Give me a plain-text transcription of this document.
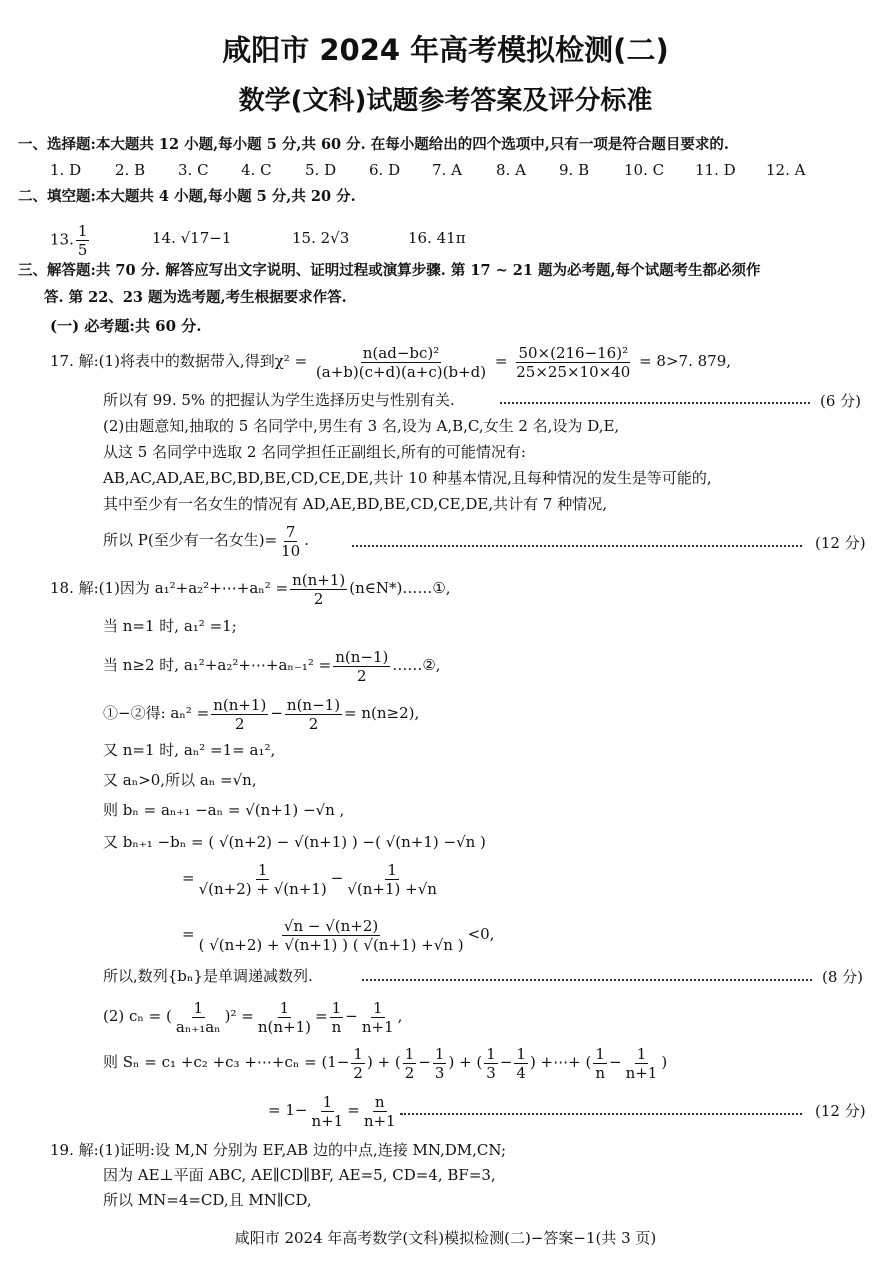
咸阳市 2024 年高考模拟检测(二)
数学(文科)试题参考答案及评分标准
一、选择题:本大题共 12 小题,每小题 5 分,共 60 分. 在每小题给出的四个选项中,只有一项是符合题目要求的.
1. D 2. B 3. C 4. C 5. D 6. D 7. A 8. A 9. B 10. C 11. D 12. A
二、填空题:本大题共 4 小题,每小题 5 分,共 20 分.
13. $\frac{1}{5}$	14. √17−1	15. 2√3	16. 41π
三、解答题:共 70 分. 解答应写出文字说明、证明过程或演算步骤. 第 17 ~ 21 题为必考题,每个试题考生都必须作
答. 第 22、23 题为选考题,考生根据要求作答.
(一) 必考题:共 60 分.
17. 解:(1)将表中的数据带入,得到$\chi^2 = \frac{\text{n(ad−bc)²}}{(a+b)(c+d)(a+c)(b+d)} = \frac{\text{50×(216−16)²}}{25\times 25\times 10\times 40} = 8>7$. 879,
所以有 99. 5% 的把握认为学生选择历史与性别有关.	(6 分)
(2)由题意知,抽取的 5 名同学中,男生有 3 名,设为 A,B,C,女生 2 名,设为 D,E,
从这 5 名同学中选取 2 名同学担任正副组长,所有的可能情况有:
AB,AC,AD,AE,BC,BD,BE,CD,CE,DE,共计 10 种基本情况,且每种情况的发生是等可能的,
其中至少有一名女生的情况有 AD,AE,BD,BE,CD,CE,DE,共计有 7 种情况,
所以 P(至少有一名女生)= $\frac{7}{10}$ .	(12 分)
18. 解:(1)因为 a₁²+a₂²+⋯+aₙ² = $\frac{n(n+1)}{2}$ (n∈N*)……①,
当 n=1 时, a₁² =1;
当 n≥2 时, a₁²+a₂²+⋯+aₙ₋₁² = $\frac{n(n-1)}{2}$ ……②,
①−②得: $a_n^2 = \frac{n(n+1)}{2} - \frac{n(n-1)}{2} = n(n\ge 2)$,
又 n=1 时, aₙ² =1= a₁²,
又 aₙ>0,所以 aₙ =√n,
则 bₙ = aₙ₊₁ −aₙ = √(n+1) −√n ,
又 bₙ₊₁ −bₙ = ( √(n+2) − √(n+1) ) −( √(n+1) −√n )
= $\frac{1}{√(n+2) + √(n+1)} - \frac{1}{√(n+1) +√n}$
= $\frac{√n - √(n+2)}{( √(n+2) + √(n+1) ) ( √(n+1) +√n )} <0$,
所以,数列{bₙ}是单调递减数列.	(8 分)
(2) cₙ = ( $\frac{1}{\text{aₙ₊₁aₙ}} )^2 = \frac{1}{n(n+1)} = \frac{1}{n} - \frac{1}{n+1}$ ,
则 Sₙ = c₁ +c₂ +c₃ +⋯+cₙ = ($1- \frac{1}{2}$ ) + ( $\frac{1}{2} - \frac{1}{3}$ ) + ( $\frac{1}{3} - \frac{1}{4}$ ) +⋯+ ( $\frac{1}{n} - \frac{1}{n+1}$ )
= $1- \frac{1}{n+1} = \frac{n}{n+1}$ .	(12 分)
19. 解:(1)证明:设 M,N 分别为 EF,AB 边的中点,连接 MN,DM,CN;
因为 AE⊥平面 ABC, AE∥CD∥BF, AE=5, CD=4, BF=3,
所以 MN=4=CD,且 MN∥CD,
咸阳市 2024 年高考数学(文科)模拟检测(二)−答案−1(共 3 页)
